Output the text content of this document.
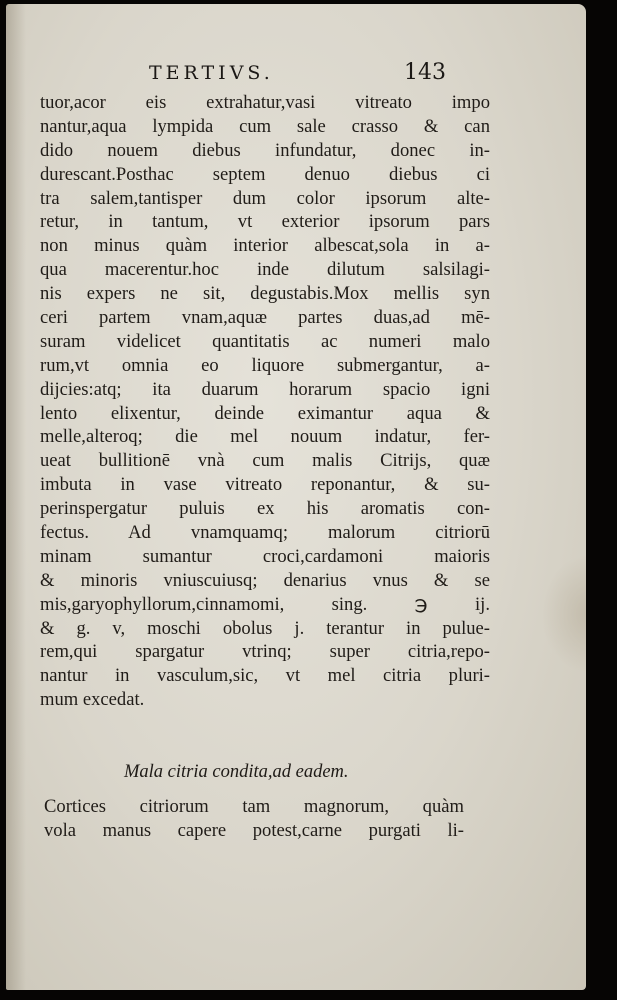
TERTIVS.	143
tuor,acor eis extrahatur,vasi vitreato impo
nantur,aqua lympida cum sale crasso & can
dido nouem diebus infundatur, donec in-
durescant.Posthac septem denuo diebus ci
tra salem,tantisper dum color ipsorum alte-
retur, in tantum, vt exterior ipsorum pars
non minus quàm interior albescat,sola in a-
qua macerentur.hoc inde dilutum salsilagi-
nis expers ne sit, degustabis.Mox mellis syn
ceri partem vnam,aquæ partes duas,ad mē-
suram videlicet quantitatis ac numeri malo
rum,vt omnia eo liquore submergantur, a-
dijcies:atq; ita duarum horarum spacio igni
lento elixentur, deinde eximantur aqua &
melle,alteroq; die mel nouum indatur, fer-
ueat bullitionē vnà cum malis Citrijs, quæ
imbuta in vase vitreato reponantur, & su-
perinspergatur puluis ex his aromatis con-
fectus. Ad vnamquamq; malorum citriorū
minam sumantur croci,cardamoni maioris
& minoris vniuscuiusq; denarius vnus & se
mis,garyophyllorum,cinnamomi, sing. ℈ ij.
& g. v, moschi obolus j. terantur in pulue-
rem,qui spargatur vtrinq; super citria,repo-
nantur in vasculum,sic, vt mel citria pluri-
mum excedat.
Mala citria condita,ad eadem.
Cortices citriorum tam magnorum, quàm
vola manus capere potest,carne purgati li-
